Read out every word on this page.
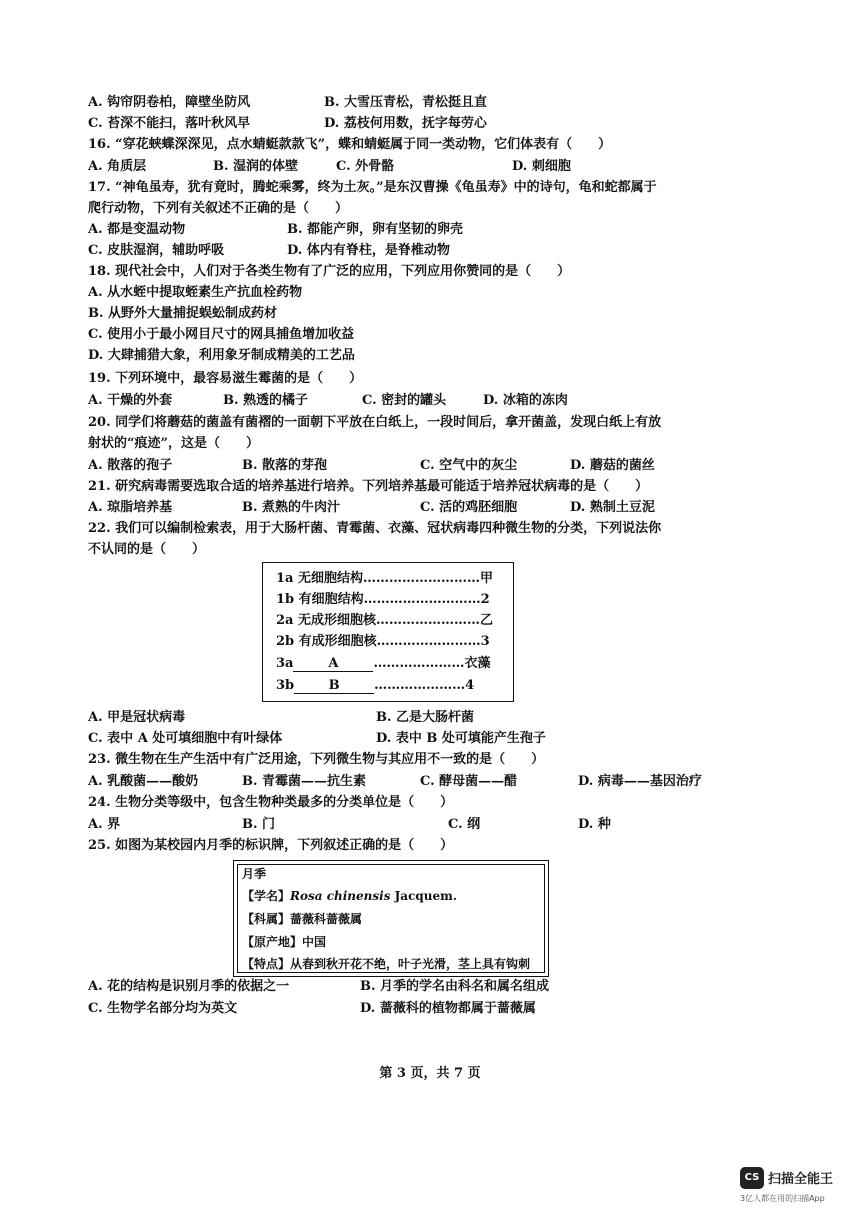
A. 钩帘阴卷柏，障壁坐防风	B. 大雪压青松，青松挺且直
C. 苔深不能扫，落叶秋风早	D. 荔枝何用数，抚字每劳心
16. “穿花蛱蝶深深见，点水蜻蜓款款飞”，蝶和蜻蜓属于同一类动物，它们体表有（　　）
A. 角质层	B. 湿润的体壁	C. 外骨骼	D. 刺细胞
17. “神龟虽寿，犹有竟时，腾蛇乘雾，终为土灰。”是东汉曹操《龟虽寿》中的诗句，龟和蛇都属于
爬行动物，下列有关叙述不正确的是（　　）
A. 都是变温动物	B. 都能产卵，卵有坚韧的卵壳
C. 皮肤湿润，辅助呼吸	D. 体内有脊柱，是脊椎动物
18. 现代社会中，人们对于各类生物有了广泛的应用，下列应用你赞同的是（　　）
A. 从水蛭中提取蛭素生产抗血栓药物
B. 从野外大量捕捉蜈蚣制成药材
C. 使用小于最小网目尺寸的网具捕鱼增加收益
D. 大肆捕猎大象，利用象牙制成精美的工艺品
19. 下列环境中，最容易滋生霉菌的是（　　）
A. 干燥的外套	B. 熟透的橘子	C. 密封的罐头	D. 冰箱的冻肉
20. 同学们将蘑菇的菌盖有菌褶的一面朝下平放在白纸上，一段时间后，拿开菌盖，发现白纸上有放
射状的“痕迹”，这是（　　）
A. 散落的孢子	B. 散落的芽孢	C. 空气中的灰尘	D. 蘑菇的菌丝
21. 研究病毒需要选取合适的培养基进行培养。下列培养基最可能适于培养冠状病毒的是（　　）
A. 琼脂培养基	B. 煮熟的牛肉汁	C. 活的鸡胚细胞	D. 熟制土豆泥
22. 我们可以编制检索表，用于大肠杆菌、青霉菌、衣藻、冠状病毒四种微生物的分类，下列说法你
不认同的是（　　）
1a 无细胞结构………………………甲
1b 有细胞结构………………………2
2a 无成形细胞核……………………乙
2b 有成形细胞核……………………3
3a	A	…………………衣藻
3b	B	…………………4
A. 甲是冠状病毒	B. 乙是大肠杆菌
C. 表中 A 处可填细胞中有叶绿体	D. 表中 B 处可填能产生孢子
23. 微生物在生产生活中有广泛用途，下列微生物与其应用不一致的是（　　）
A. 乳酸菌——酸奶	B. 青霉菌——抗生素	C. 酵母菌——醋	D. 病毒——基因治疗
24. 生物分类等级中，包含生物种类最多的分类单位是（　　）
A. 界	B. 门	C. 纲	D. 种
25. 如图为某校园内月季的标识牌，下列叙述正确的是（　　）
月季
【学名】Rosa chinensis Jacquem.
【科属】蔷薇科蔷薇属
【原产地】中国
【特点】从春到秋开花不绝，叶子光滑，茎上具有钩刺
A. 花的结构是识别月季的依据之一	B. 月季的学名由科名和属名组成
C. 生物学名部分均为英文	D. 蔷薇科的植物都属于蔷薇属
第 3 页，共 7 页
CS 扫描全能王
3亿人都在用的扫描App
